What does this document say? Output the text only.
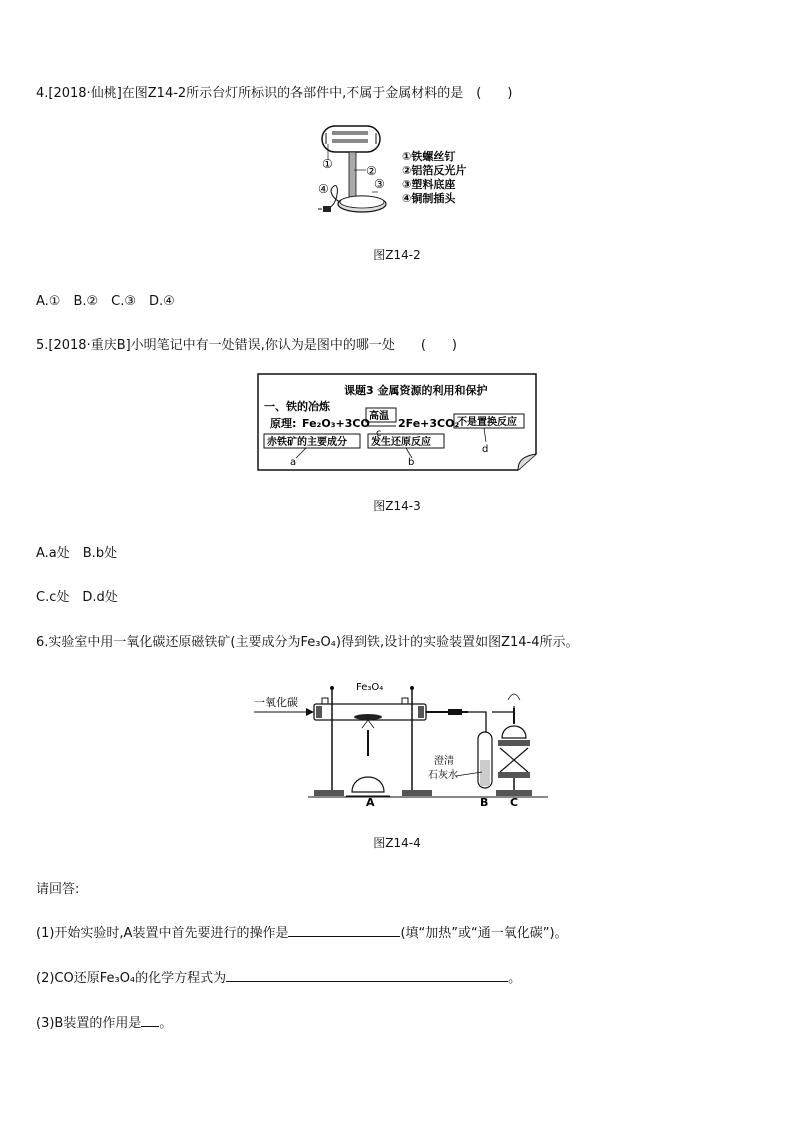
4.[2018·仙桃]在图Z14-2所示台灯所标识的各部件中,不属于金属材料的是　(　　)
①	②
③
④
①铁螺丝钉
②铝箔反光片
③塑料底座
④铜制插头
图Z14-2
A.①　B.②　C.③　D.④
5.[2018·重庆B]小明笔记中有一处错误,你认为是图中的哪一处　　(　　)
课题3 金属资源的利用和保护
一、铁的冶炼
原理: Fe₂O₃+3CO
高温
2Fe+3CO₂
不是置换反应
d
c
赤铁矿的主要成分
a
发生还原反应
b
图Z14-3
A.a处　B.b处
C.c处　D.d处
6.实验室中用一氧化碳还原磁铁矿(主要成分为Fe₃O₄)得到铁,设计的实验装置如图Z14-4所示。
一氧化碳
Fe₃O₄
A
澄清
石灰水
B C
图Z14-4
请回答:
(1)开始实验时,A装置中首先要进行的操作是	(填“加热”或“通一氧化碳”)。
(2)CO还原Fe₃O₄的化学方程式为	。
(3)B装置的作用是 。
